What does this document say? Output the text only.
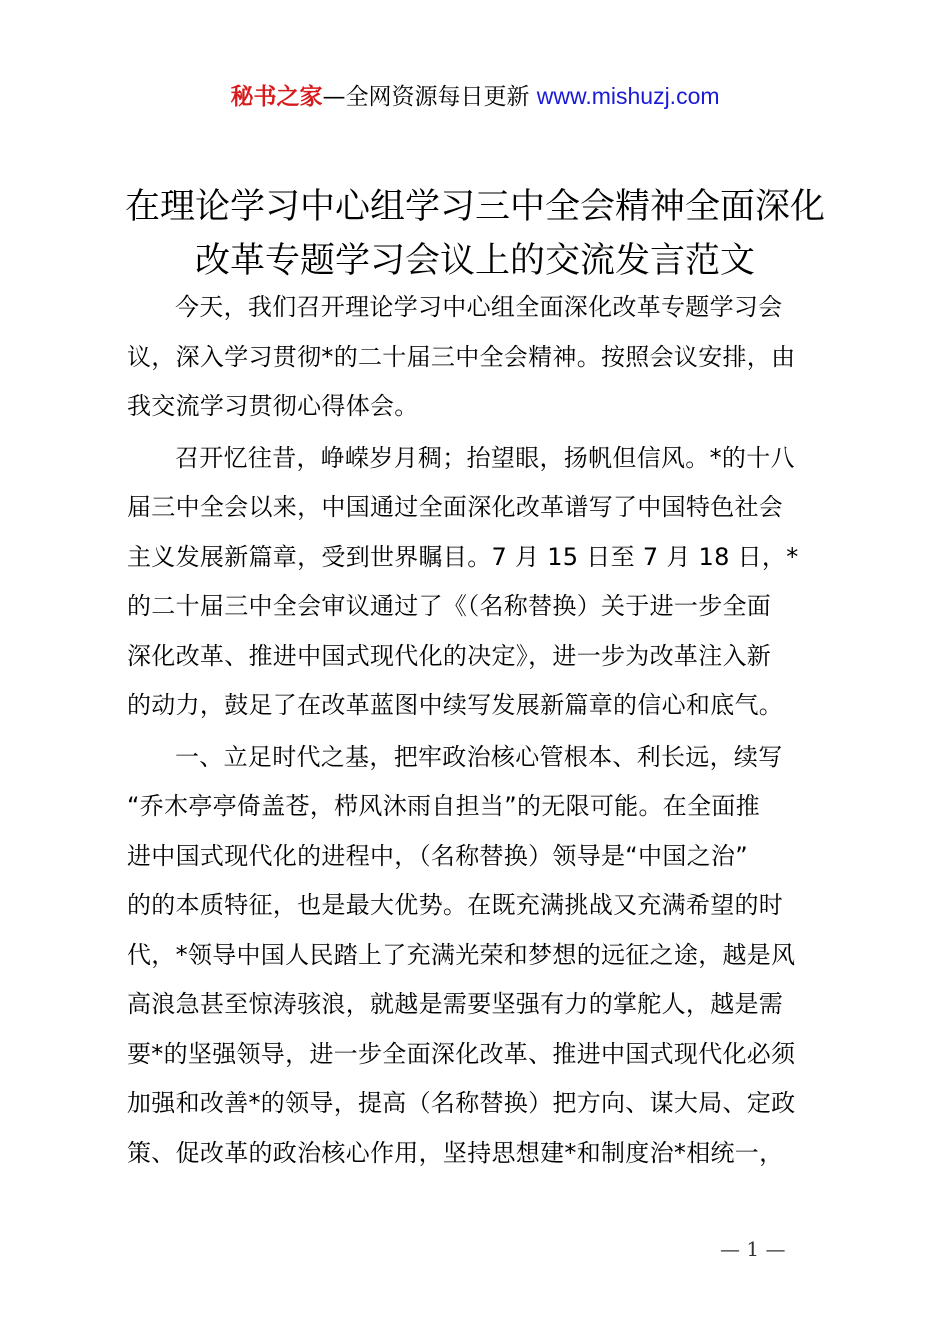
秘书之家—全网资源每日更新 www.mishuzj.com
在理论学习中心组学习三中全会精神全面深化
改革专题学习会议上的交流发言范文

今天，我们召开理论学习中心组全面深化改革专题学习会
议，深入学习贯彻*的二十届三中全会精神。按照会议安排，由
我交流学习贯彻心得体会。

召开忆往昔，峥嵘岁月稠；抬望眼，扬帆但信风。*的十八
届三中全会以来，中国通过全面深化改革谱写了中国特色社会
主义发展新篇章，受到世界瞩目。7 月 15 日至 7 月 18 日，*
的二十届三中全会审议通过了《（名称替换）关于进一步全面
深化改革、推进中国式现代化的决定》，进一步为改革注入新
的动力，鼓足了在改革蓝图中续写发展新篇章的信心和底气。

一、立足时代之基，把牢政治核心管根本、利长远，续写
“乔木亭亭倚盖苍，栉风沐雨自担当”的无限可能。在全面推
进中国式现代化的进程中，（名称替换）领导是“中国之治”
的的本质特征，也是最大优势。在既充满挑战又充满希望的时
代，*领导中国人民踏上了充满光荣和梦想的远征之途，越是风
高浪急甚至惊涛骇浪，就越是需要坚强有力的掌舵人，越是需
要*的坚强领导，进一步全面深化改革、推进中国式现代化必须
加强和改善*的领导，提高（名称替换）把方向、谋大局、定政
策、促改革的政治核心作用，坚持思想建*和制度治*相统一，

— 1 —
